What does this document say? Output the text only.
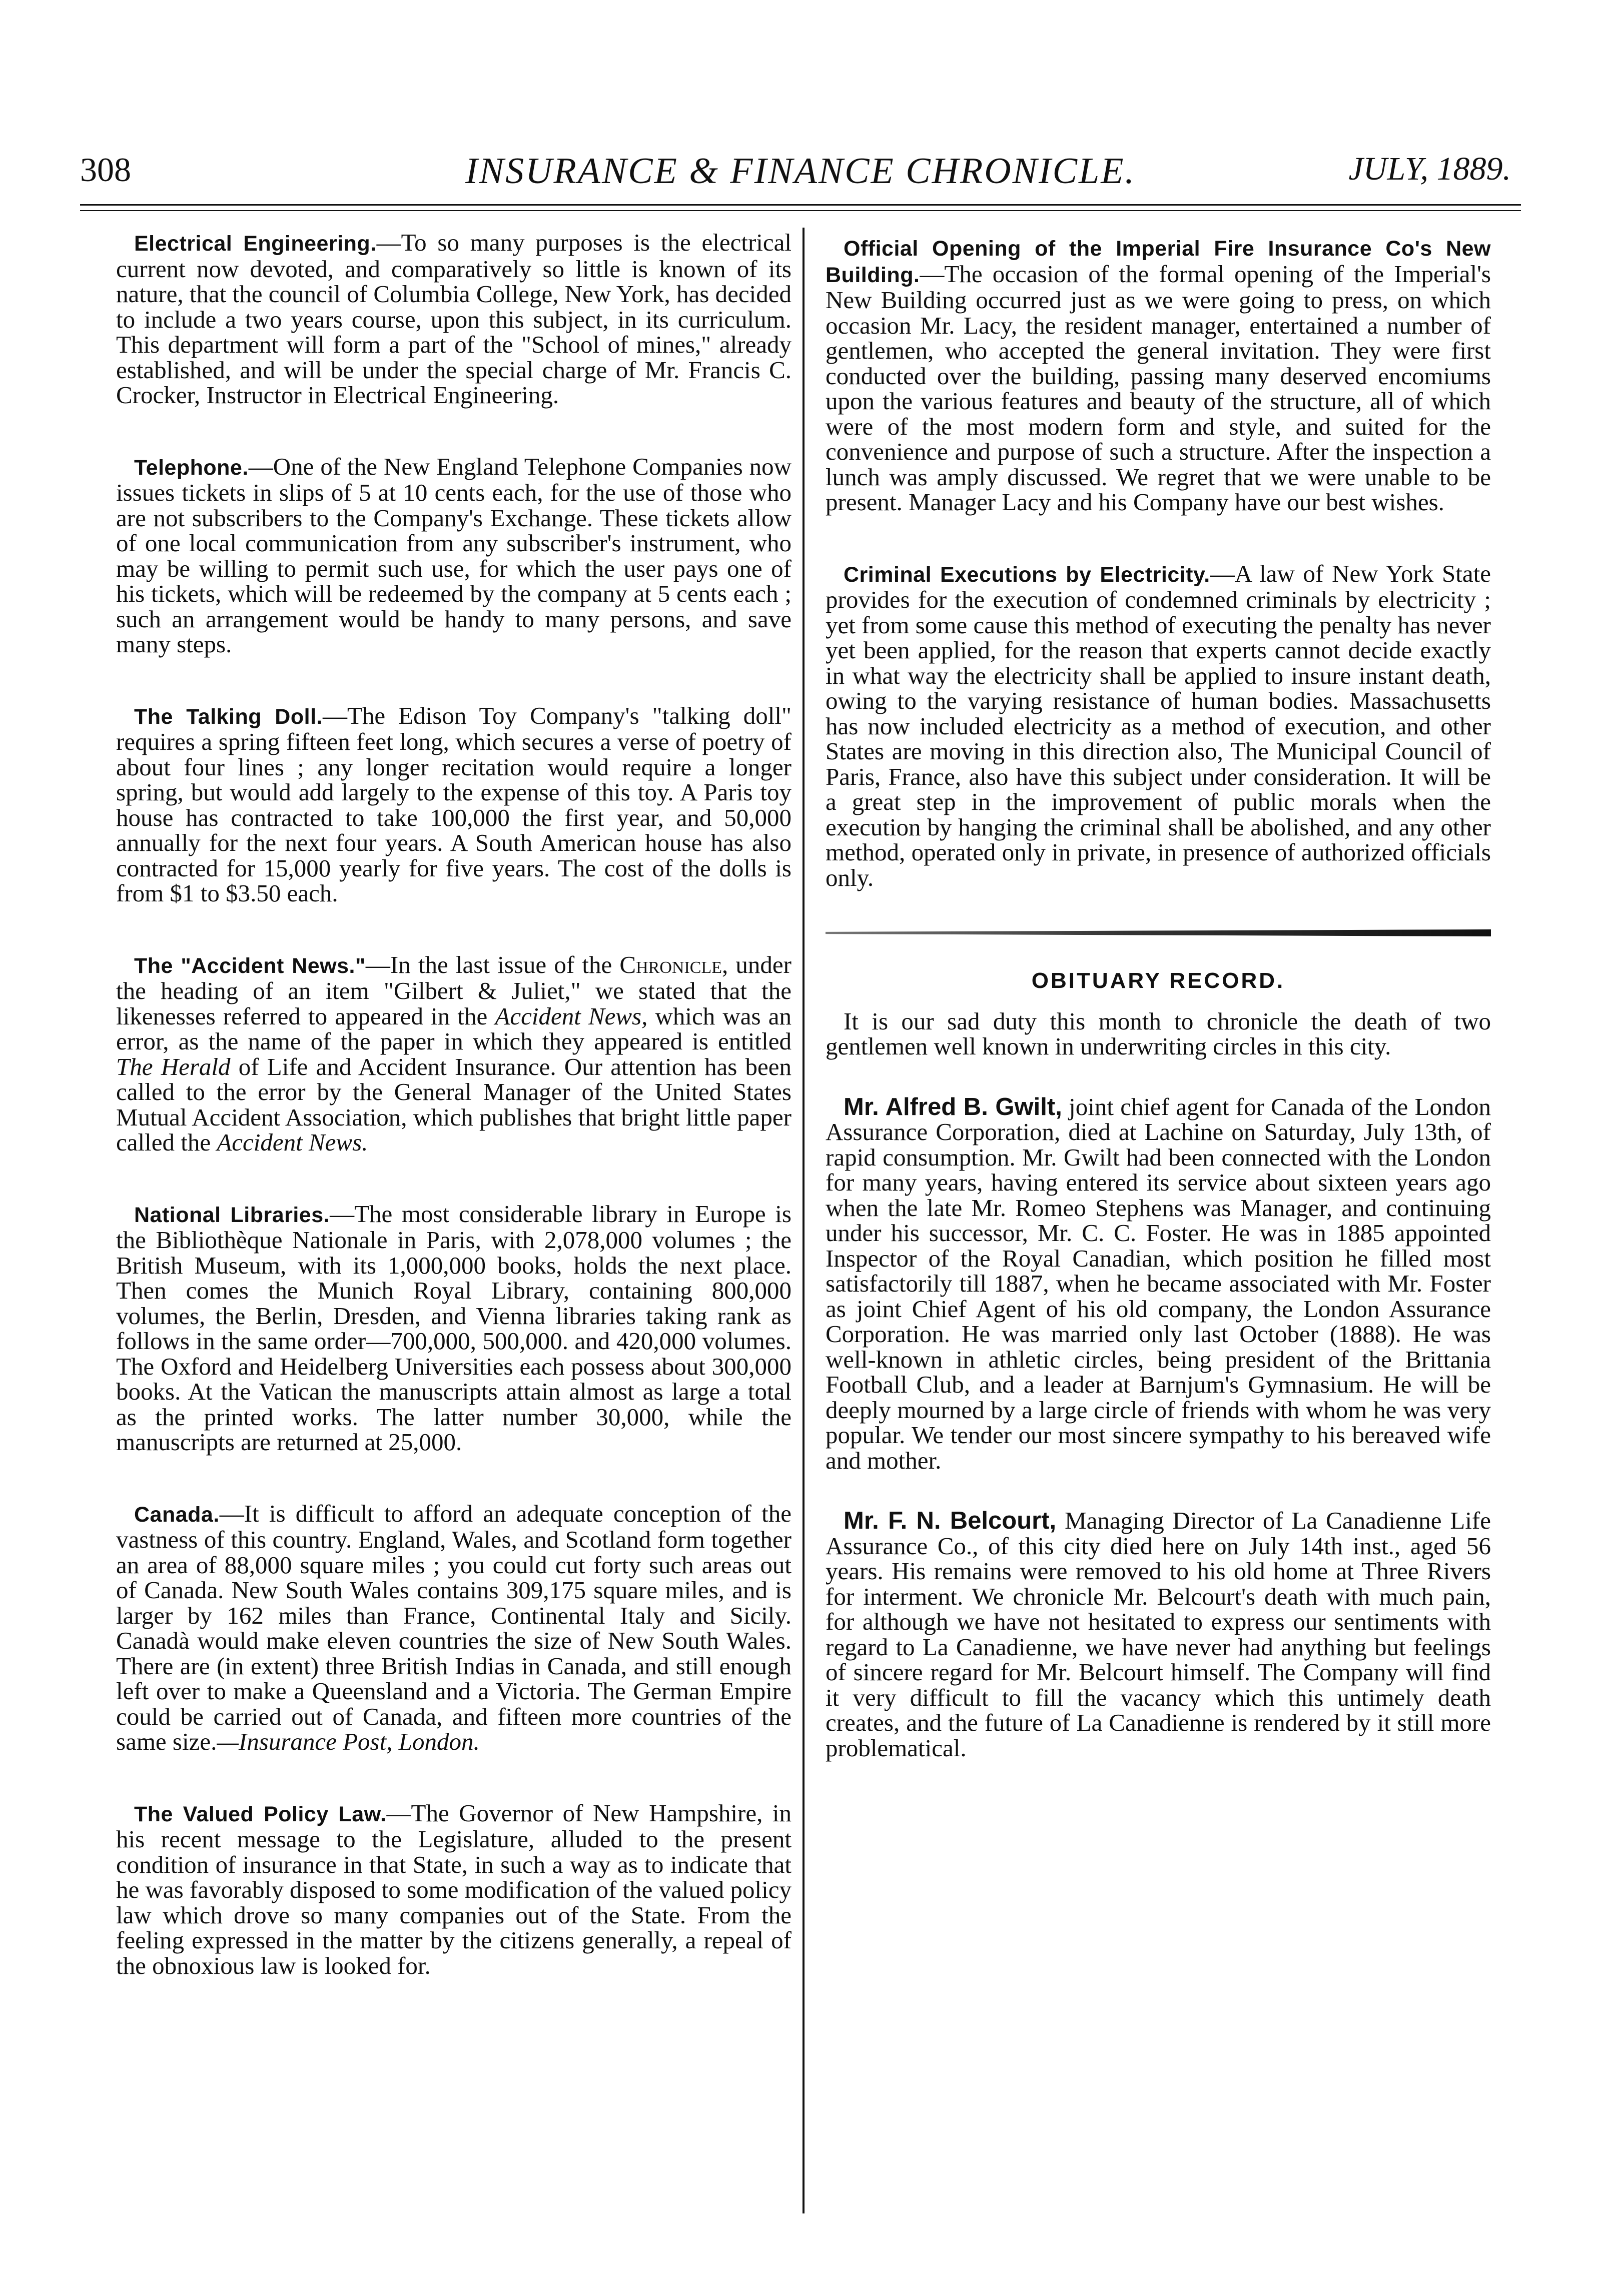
308	INSURANCE & FINANCE CHRONICLE.	JULY, 1889.

Electrical Engineering.—To so many purposes is the electrical current now devoted, and comparatively so little is known of its nature, that the council of Columbia College, New York, has decided to include a two years course, upon this subject, in its curriculum. This department will form a part of the "School of mines," already established, and will be under the special charge of Mr. Francis C. Crocker, Instructor in Electrical Engineering.

Telephone.—One of the New England Telephone Companies now issues tickets in slips of 5 at 10 cents each, for the use of those who are not subscribers to the Company's Exchange. These tickets allow of one local communication from any subscriber's instrument, who may be willing to permit such use, for which the user pays one of his tickets, which will be redeemed by the company at 5 cents each ; such an arrangement would be handy to many persons, and save many steps.

The Talking Doll.—The Edison Toy Company's "talking doll" requires a spring fifteen feet long, which secures a verse of poetry of about four lines ; any longer recitation would require a longer spring, but would add largely to the expense of this toy. A Paris toy house has contracted to take 100,000 the first year, and 50,000 annually for the next four years. A South American house has also contracted for 15,000 yearly for five years. The cost of the dolls is from $1 to $3.50 each.

The "Accident News."—In the last issue of the Chronicle, under the heading of an item "Gilbert & Juliet," we stated that the likenesses referred to appeared in the Accident News, which was an error, as the name of the paper in which they appeared is entitled The Herald of Life and Accident Insurance. Our attention has been called to the error by the General Manager of the United States Mutual Accident Association, which publishes that bright little paper called the Accident News.

National Libraries.—The most considerable library in Europe is the Bibliothèque Nationale in Paris, with 2,078,000 volumes ; the British Museum, with its 1,000,000 books, holds the next place. Then comes the Munich Royal Library, containing 800,000 volumes, the Berlin, Dresden, and Vienna libraries taking rank as follows in the same order—700,000, 500,000. and 420,000 volumes. The Oxford and Heidelberg Universities each possess about 300,000 books. At the Vatican the manuscripts attain almost as large a total as the printed works. The latter number 30,000, while the manuscripts are returned at 25,000.

Canada.—It is difficult to afford an adequate conception of the vastness of this country. England, Wales, and Scotland form together an area of 88,000 square miles ; you could cut forty such areas out of Canada. New South Wales contains 309,175 square miles, and is larger by 162 miles than France, Continental Italy and Sicily. Canadà would make eleven countries the size of New South Wales. There are (in extent) three British Indias in Canada, and still enough left over to make a Queensland and a Victoria. The German Empire could be carried out of Canada, and fifteen more countries of the same size.—Insurance Post, London.

The Valued Policy Law.—The Governor of New Hampshire, in his recent message to the Legislature, alluded to the present condition of insurance in that State, in such a way as to indicate that he was favorably disposed to some modification of the valued policy law which drove so many companies out of the State. From the feeling expressed in the matter by the citizens generally, a repeal of the obnoxious law is looked for.

Official Opening of the Imperial Fire Insurance Co's New Building.—The occasion of the formal opening of the Imperial's New Building occurred just as we were going to press, on which occasion Mr. Lacy, the resident manager, entertained a number of gentlemen, who accepted the general invitation. They were first conducted over the building, passing many deserved encomiums upon the various features and beauty of the structure, all of which were of the most modern form and style, and suited for the convenience and purpose of such a structure. After the inspection a lunch was amply discussed. We regret that we were unable to be present. Manager Lacy and his Company have our best wishes.

Criminal Executions by Electricity.—A law of New York State provides for the execution of condemned criminals by electricity ; yet from some cause this method of executing the penalty has never yet been applied, for the reason that experts cannot decide exactly in what way the electricity shall be applied to insure instant death, owing to the varying resistance of human bodies. Massachusetts has now included electricity as a method of execution, and other States are moving in this direction also, The Municipal Council of Paris, France, also have this subject under consideration. It will be a great step in the improvement of public morals when the execution by hanging the criminal shall be abolished, and any other method, operated only in private, in presence of authorized officials only.

OBITUARY RECORD.

It is our sad duty this month to chronicle the death of two gentlemen well known in underwriting circles in this city.

Mr. Alfred B. Gwilt, joint chief agent for Canada of the London Assurance Corporation, died at Lachine on Saturday, July 13th, of rapid consumption. Mr. Gwilt had been connected with the London for many years, having entered its service about sixteen years ago when the late Mr. Romeo Stephens was Manager, and continuing under his successor, Mr. C. C. Foster. He was in 1885 appointed Inspector of the Royal Canadian, which position he filled most satisfactorily till 1887, when he became associated with Mr. Foster as joint Chief Agent of his old company, the London Assurance Corporation. He was married only last October (1888). He was well-known in athletic circles, being president of the Brittania Football Club, and a leader at Barnjum's Gymnasium. He will be deeply mourned by a large circle of friends with whom he was very popular. We tender our most sincere sympathy to his bereaved wife and mother.

Mr. F. N. Belcourt, Managing Director of La Canadienne Life Assurance Co., of this city died here on July 14th inst., aged 56 years. His remains were removed to his old home at Three Rivers for interment. We chronicle Mr. Belcourt's death with much pain, for although we have not hesitated to express our sentiments with regard to La Canadienne, we have never had anything but feelings of sincere regard for Mr. Belcourt himself. The Company will find it very difficult to fill the vacancy which this untimely death creates, and the future of La Canadienne is rendered by it still more problematical.
